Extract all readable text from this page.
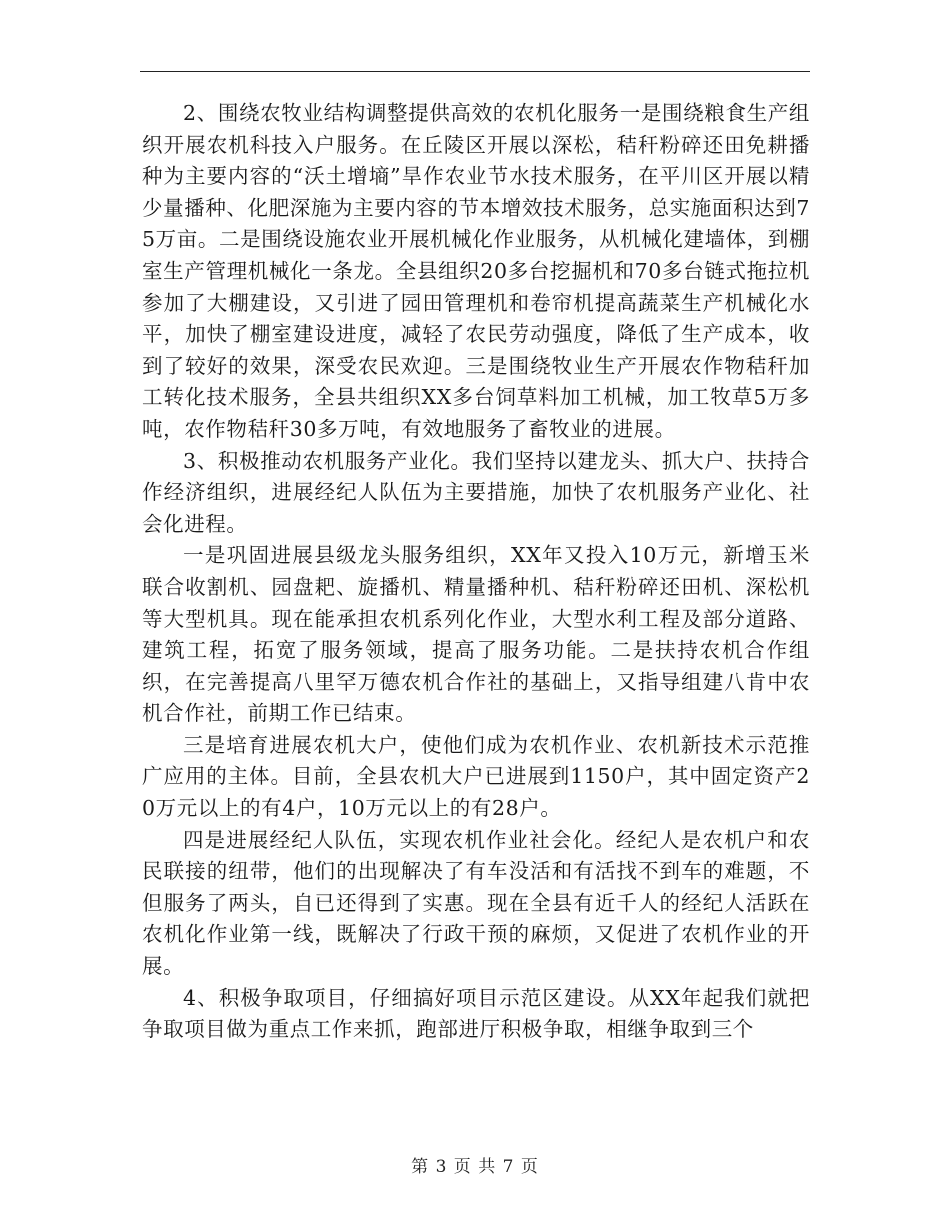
2、围绕农牧业结构调整提供高效的农机化服务一是围绕粮食生产组织开展农机科技入户服务。在丘陵区开展以深松，秸秆粉碎还田免耕播种为主要内容的“沃土增墒”旱作农业节水技术服务，在平川区开展以精少量播种、化肥深施为主要内容的节本增效技术服务，总实施面积达到75万亩。二是围绕设施农业开展机械化作业服务，从机械化建墙体，到棚室生产管理机械化一条龙。全县组织20多台挖掘机和70多台链式拖拉机参加了大棚建设，又引进了园田管理机和卷帘机提高蔬菜生产机械化水平，加快了棚室建设进度，减轻了农民劳动强度，降低了生产成本，收到了较好的效果，深受农民欢迎。三是围绕牧业生产开展农作物秸秆加工转化技术服务，全县共组织XX多台饲草料加工机械，加工牧草5万多吨，农作物秸秆30多万吨，有效地服务了畜牧业的进展。

3、积极推动农机服务产业化。我们坚持以建龙头、抓大户、扶持合作经济组织，进展经纪人队伍为主要措施，加快了农机服务产业化、社会化进程。

一是巩固进展县级龙头服务组织，XX年又投入10万元，新增玉米联合收割机、园盘耙、旋播机、精量播种机、秸秆粉碎还田机、深松机等大型机具。现在能承担农机系列化作业，大型水利工程及部分道路、建筑工程，拓宽了服务领域，提高了服务功能。二是扶持农机合作组织，在完善提高八里罕万德农机合作社的基础上，又指导组建八肯中农机合作社，前期工作已结束。

三是培育进展农机大户，使他们成为农机作业、农机新技术示范推广应用的主体。目前，全县农机大户已进展到1150户，其中固定资产20万元以上的有4户，10万元以上的有28户。

四是进展经纪人队伍，实现农机作业社会化。经纪人是农机户和农民联接的纽带，他们的出现解决了有车没活和有活找不到车的难题，不但服务了两头，自已还得到了实惠。现在全县有近千人的经纪人活跃在农机化作业第一线，既解决了行政干预的麻烦，又促进了农机作业的开展。

4、积极争取项目，仔细搞好项目示范区建设。从XX年起我们就把争取项目做为重点工作来抓，跑部进厅积极争取，相继争取到三个

第 3 页 共 7 页
